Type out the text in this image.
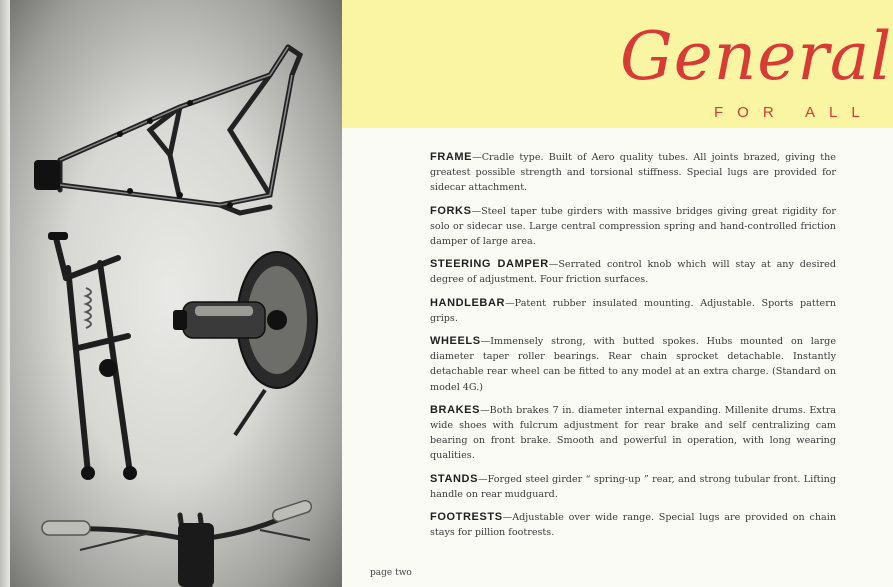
General
FOR ALL
FRAME—Cradle type. Built of Aero quality tubes. All joints brazed, giving the greatest possible strength and torsional stiffness. Special lugs are provided for sidecar attachment.
FORKS—Steel taper tube girders with massive bridges giving great rigidity for solo or sidecar use. Large central compression spring and hand-controlled friction damper of large area.
STEERING DAMPER—Serrated control knob which will stay at any desired degree of adjustment. Four friction surfaces.
HANDLEBAR—Patent rubber insulated mounting. Adjustable. Sports pattern grips.
WHEELS—Immensely strong, with butted spokes. Hubs mounted on large diameter taper roller bearings. Rear chain sprocket detachable. Instantly detachable rear wheel can be fitted to any model at an extra charge. (Standard on model 4G.)
BRAKES—Both brakes 7 in. diameter internal expanding. Millenite drums. Extra wide shoes with fulcrum adjustment for rear brake and self centralizing cam bearing on front brake. Smooth and powerful in operation, with long wearing qualities.
STANDS—Forged steel girder “ spring-up ” rear, and strong tubular front. Lifting handle on rear mudguard.
FOOTRESTS—Adjustable over wide range. Special lugs are provided on chain stays for pillion footrests.
page two
